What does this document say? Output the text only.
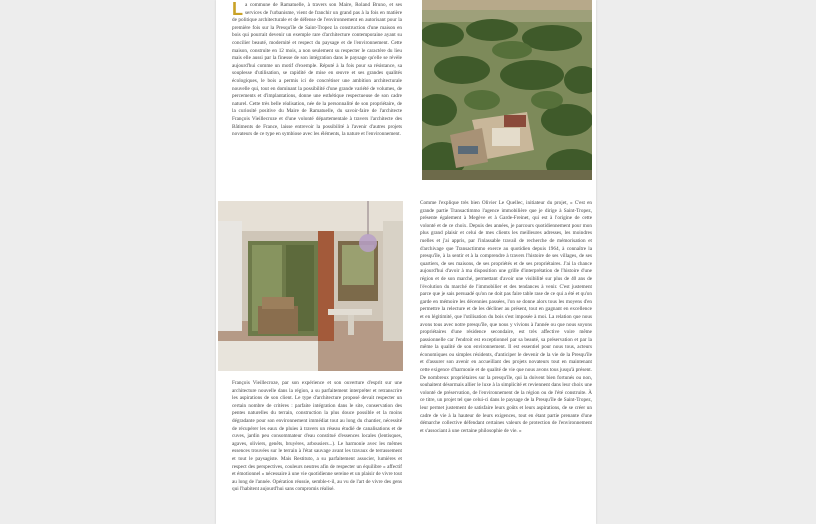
La commune de Ramatuelle, à travers son Maire, Roland Bruno, et ses services de l'urbanisme, vient de franchir un grand pas à la fois en matière de politique architecturale et de défense de l'environnement en autorisant pour la première fois sur la Presqu'île de Saint-Tropez la construction d'une maison en bois qui pourrait devenir un exemple rare d'architecture contemporaine ayant su concilier beauté, modernité et respect du paysage et de l'environnement. Cette maison, construite en 12 mois, a non seulement su respecter le caractère du lieu mais elle aussi par la finesse de son intégration dans le paysage qu'elle se révèle aujourd'hui comme un motif d'exemple. Réputé à la fois pour sa résistance, sa souplesse d'utilisation, se rapidité de mise en œuvre et ses grandes qualités écologiques, le bois a permis ici de concrétiser une ambition architecturale nouvelle qui, tout en dominant la possibilité d'une grande variété de volumes, de percements et d'implantations, donne une esthétique respectueuse de son cadre naturel. Cette très belle réalisation, née de la personnalité de son propriétaire, de la curiosité positive du Maire de Ramatuelle, du savoir-faire de l'architecte François Vieillecroze et d'une volonté départementale à travers l'architecte des Bâtiments de France, laisse entrevoir la possibilité à l'avenir d'autres projets novateurs de ce type en symbiose avec les éléments, la nature et l'environnement.

François Vieillecroze, par son expérience et son ouverture d'esprit sur une architecture nouvelle dans la région, a su parfaitement interpréter et retranscrire les aspirations de son client. Le type d'architecture proposé devait respecter un certain nombre de critères : parfaite intégration dans le site, conservation des pentes naturelles du terrain, construction la plus douce possible et la moins dégradante pour son environnement immédiat tout au long du chantier, nécessité de récupérer les eaux de pluies à travers un réseau étudié de canalisations et de cuves, jardin peu consommateur d'eau constitué d'essences locales (lentisques, agaves, oliviers, genêts, bruyères, arbousiers...). Le harmonie avec les mêmes essences trouvées sur le terrain à l'état sauvage avant les travaux de terrassement et tout le paysagiste. Mais Restituto, a su parfaitement associer, lumières et respect des perspectives, couleurs neutres afin de respecter un équilibre « affectif et émotionnel » nécessaire à une vie quotidienne sereine et un plaisir de vivre tout au long de l'année. Opération réussie, semble-t-il, au vu de l'art de vivre des gens qui l'habitent aujourd'hui sans compromis réalisé.

Comme l'explique très bien Olivier Le Quellec, initiateur du projet, « C'est en grande partie Transactimmo l'agence immobilière que je dirige à Saint-Tropez, présente également à Megève et à Garde-Freinet, qui est à l'origine de cette volonté et de ce choix. Depuis des années, je parcours quotidiennement pour mon plus grand plaisir et celui de mes clients les meilleures adresses, les moindres ruelles et j'ai appris, par l'inlassable travail de recherche de mémorisation et d'archivage que Transactimmo exerce au quotidien depuis 1964, à connaître la presqu'île, à la sentir et à la comprendre à travers l'histoire de ses villages, de ses quartiers, de ses maisons, de ses propriétés et de ses propriétaires. J'ai la chance aujourd'hui d'avoir à ma disposition une grille d'interprétation de l'histoire d'une région et de son marché, permettant d'avoir une visibilité sur plus de 40 ans de l'évolution du marché de l'immobilier et des tendances à venir. C'est justement parce que je sais persuadé qu'on ne doit pas faire table rase de ce qui a été et qu'on garde en mémoire les décennies passées, l'on se donne alors tous les moyens d'en permettre la relecture et de les décliner au présent, tout en gagnant en excellence et en légitimité, que l'utilisation du bois s'est imposée à moi. La relation que nous avons tous avec notre presqu'île, que nous y vivions à l'année ou que nous soyons propriétaires d'une résidence secondaire, est très affective voire même passionnelle car l'endroit est exceptionnel par sa beauté, sa préservation et par la même la qualité de son environnement. Il est essentiel pour nous tous, acteurs économiques ou simples résidents, d'anticiper le devenir de la vie de la Presqu'île et d'assurer son avenir en accueillant des projets novateurs tout en maintenant cette exigence d'harmonie et de qualité de vie que nous avons tous jusqu'à présent. De nombreux propriétaires sur la presqu'île, qui la doivent bien fortunés ou non, souhaitent désormais allier le luxe à la simplicité et reviennent dans leur choix une volonté de préservation, de l'environnement de la région ou de l'été construite. À ce titre, un projet tel que celui-ci dans le paysage de la Presqu'île de Saint-Tropez, leur permet justement de satisfaire leurs goûts et leurs aspirations, de se créer un cadre de vie à la hauteur de leurs exigences, tout en étant partie prenante d'une démarche collective défendant certaines valeurs de protection de l'environnement et s'associant à une certaine philosophie de vie. »
